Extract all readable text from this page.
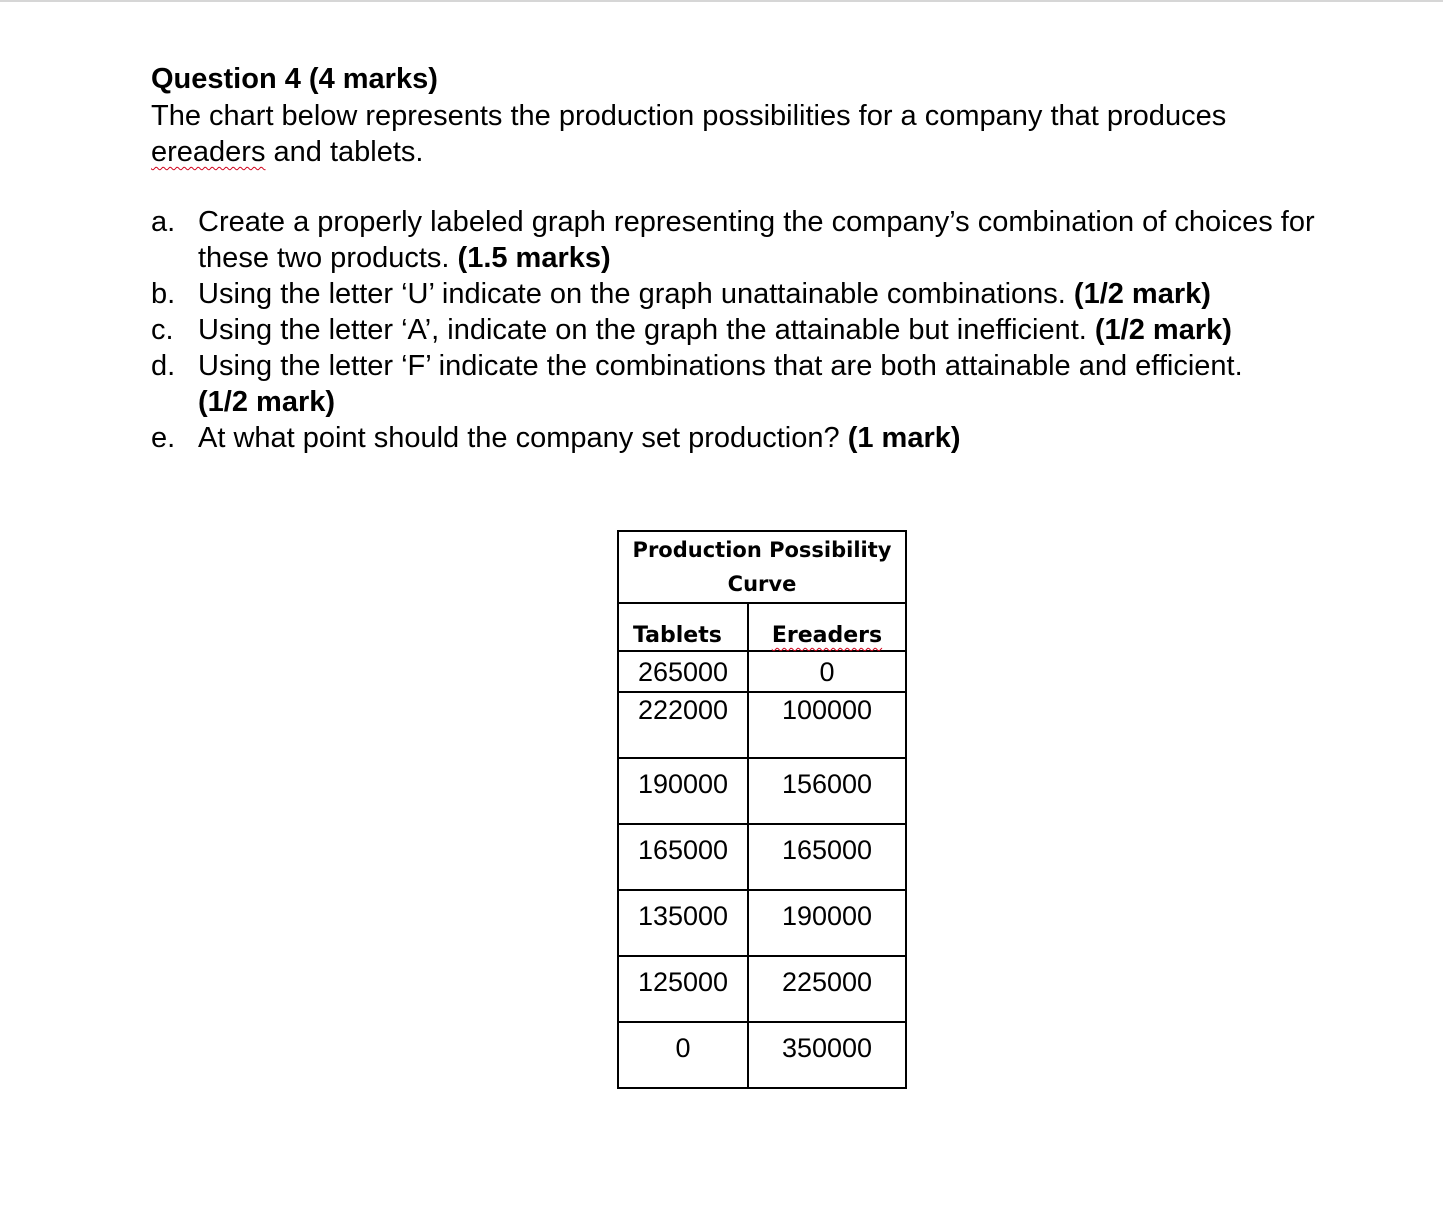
Question 4 (4 marks)

The chart below represents the production possibilities for a company that produces
ereaders and tablets.

a. Create a properly labeled graph representing the company’s combination of choices for these two products. (1.5 marks)
b. Using the letter ‘U’ indicate on the graph unattainable combinations. (1/2 mark)
c. Using the letter ‘A’, indicate on the graph the attainable but inefficient. (1/2 mark)
d. Using the letter ‘F’ indicate the combinations that are both attainable and efficient.
(1/2 mark)
e. At what point should the company set production? (1 mark)
Production Possibility Curve	
Tablets	Ereaders
265000	0
222000	100000
190000	156000
165000	165000
135000	190000
125000	225000
0	350000
